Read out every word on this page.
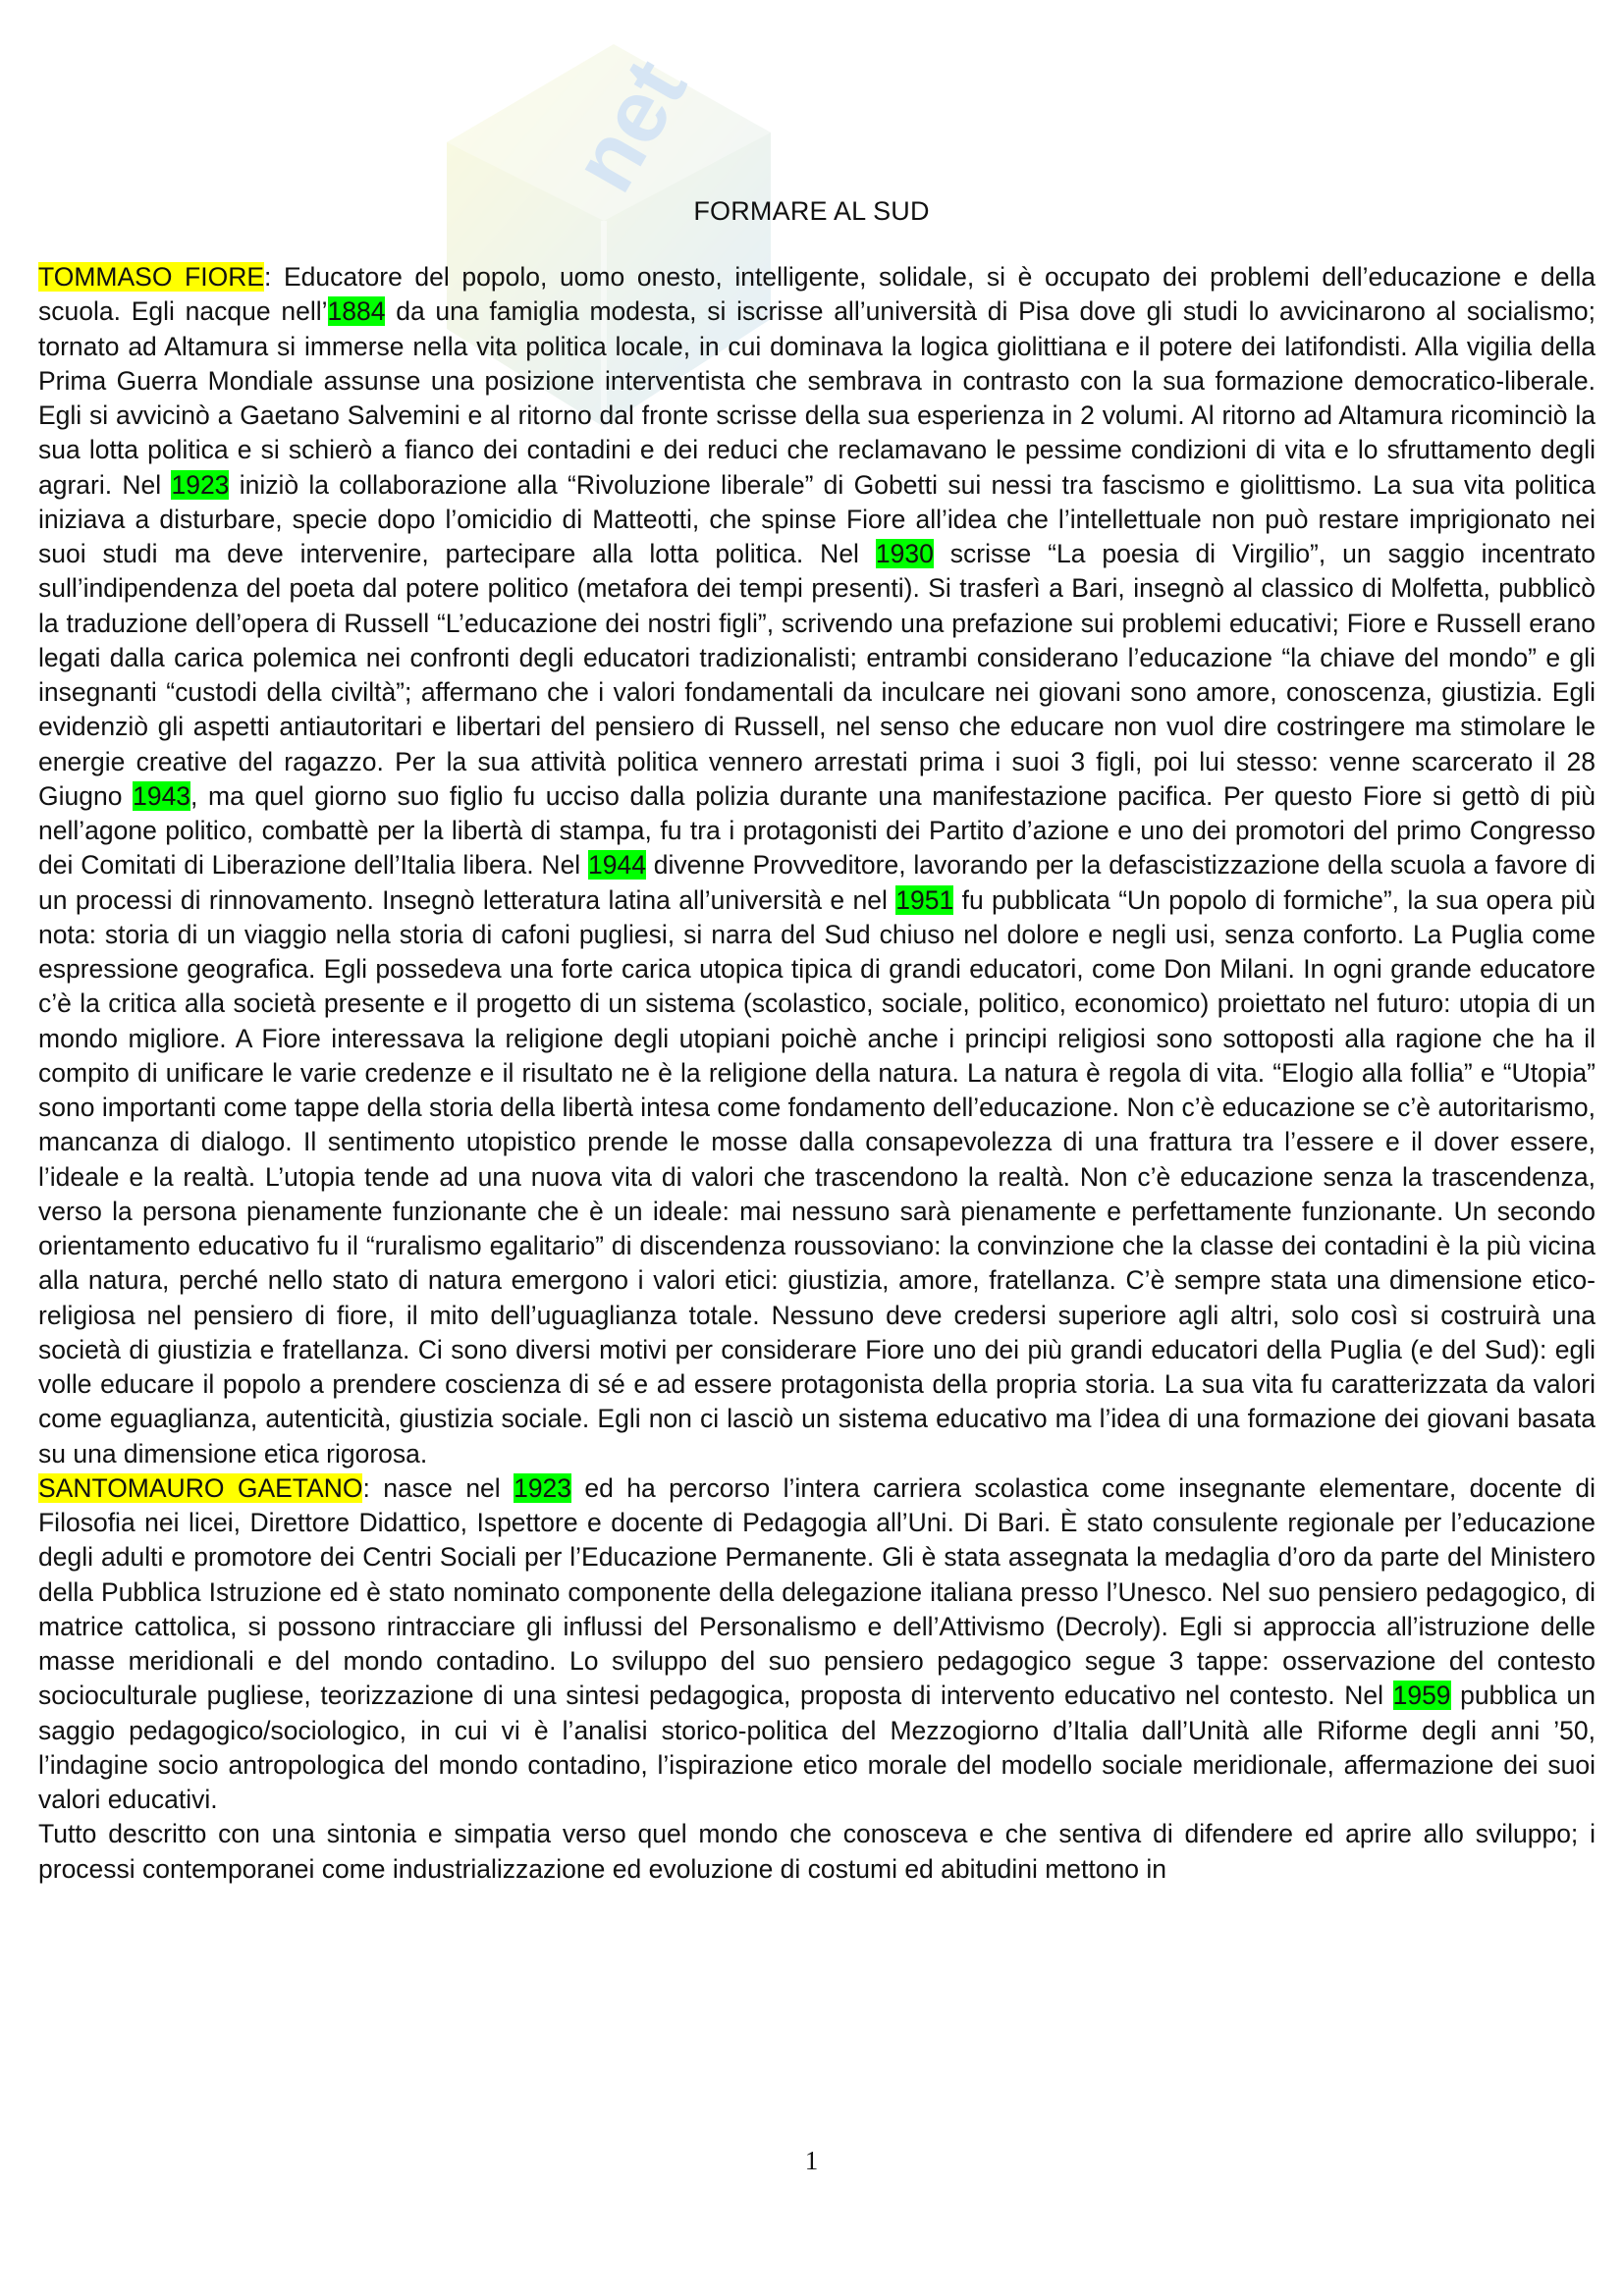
net
FORMARE AL SUD

TOMMASO FIORE: Educatore del popolo, uomo onesto, intelligente, solidale, si è occupato dei problemi dell’educazione e della scuola. Egli nacque nell’1884 da una famiglia modesta, si iscrisse all’università di Pisa dove gli studi lo avvicinarono al socialismo; tornato ad Altamura si immerse nella vita politica locale, in cui dominava la logica giolittiana e il potere dei latifondisti. Alla vigilia della Prima Guerra Mondiale assunse una posizione interventista che sembrava in contrasto con la sua formazione democratico-liberale. Egli si avvicinò a Gaetano Salvemini e al ritorno dal fronte scrisse della sua esperienza in 2 volumi. Al ritorno ad Altamura ricominciò la sua lotta politica e si schierò a fianco dei contadini e dei reduci che reclamavano le pessime condizioni di vita e lo sfruttamento degli agrari. Nel 1923 iniziò la collaborazione alla “Rivoluzione liberale” di Gobetti sui nessi tra fascismo e giolittismo. La sua vita politica iniziava a disturbare, specie dopo l’omicidio di Matteotti, che spinse Fiore all’idea che l’intellettuale non può restare imprigionato nei suoi studi ma deve intervenire, partecipare alla lotta politica. Nel 1930 scrisse “La poesia di Virgilio”, un saggio incentrato sull’indipendenza del poeta dal potere politico (metafora dei tempi presenti). Si trasferì a Bari, insegnò al classico di Molfetta, pubblicò la traduzione dell’opera di Russell “L’educazione dei nostri figli”, scrivendo una prefazione sui problemi educativi; Fiore e Russell erano legati dalla carica polemica nei confronti degli educatori tradizionalisti; entrambi considerano l’educazione “la chiave del mondo” e gli insegnanti “custodi della civiltà”; affermano che i valori fondamentali da inculcare nei giovani sono amore, conoscenza, giustizia. Egli evidenziò gli aspetti antiautoritari e libertari del pensiero di Russell, nel senso che educare non vuol dire costringere ma stimolare le energie creative del ragazzo. Per la sua attività politica vennero arrestati prima i suoi 3 figli, poi lui stesso: venne scarcerato il 28 Giugno 1943, ma quel giorno suo figlio fu ucciso dalla polizia durante una manifestazione pacifica. Per questo Fiore si gettò di più nell’agone politico, combattè per la libertà di stampa, fu tra i protagonisti dei Partito d’azione e uno dei promotori del primo Congresso dei Comitati di Liberazione dell’Italia libera. Nel 1944 divenne Provveditore, lavorando per la defascistizzazione della scuola a favore di un processi di rinnovamento. Insegnò letteratura latina all’università e nel 1951 fu pubblicata “Un popolo di formiche”, la sua opera più nota: storia di un viaggio nella storia di cafoni pugliesi, si narra del Sud chiuso nel dolore e negli usi, senza conforto. La Puglia come espressione geografica. Egli possedeva una forte carica utopica tipica di grandi educatori, come Don Milani. In ogni grande educatore c’è la critica alla società presente e il progetto di un sistema (scolastico, sociale, politico, economico) proiettato nel futuro: utopia di un mondo migliore. A Fiore interessava la religione degli utopiani poichè anche i principi religiosi sono sottoposti alla ragione che ha il compito di unificare le varie credenze e il risultato ne è la religione della natura. La natura è regola di vita. “Elogio alla follia” e “Utopia” sono importanti come tappe della storia della libertà intesa come fondamento dell’educazione. Non c’è educazione se c’è autoritarismo, mancanza di dialogo. Il sentimento utopistico prende le mosse dalla consapevolezza di una frattura tra l’essere e il dover essere, l’ideale e la realtà. L’utopia tende ad una nuova vita di valori che trascendono la realtà. Non c’è educazione senza la trascendenza, verso la persona pienamente funzionante che è un ideale: mai nessuno sarà pienamente e perfettamente funzionante. Un secondo orientamento educativo fu il “ruralismo egalitario” di discendenza roussoviano: la convinzione che la classe dei contadini è la più vicina alla natura, perché nello stato di natura emergono i valori etici: giustizia, amore, fratellanza. C’è sempre stata una dimensione etico-religiosa nel pensiero di fiore, il mito dell’uguaglianza totale. Nessuno deve credersi superiore agli altri, solo così si costruirà una società di giustizia e fratellanza. Ci sono diversi motivi per considerare Fiore uno dei più grandi educatori della Puglia (e del Sud): egli volle educare il popolo a prendere coscienza di sé e ad essere protagonista della propria storia. La sua vita fu caratterizzata da valori come eguaglianza, autenticità, giustizia sociale. Egli non ci lasciò un sistema educativo ma l’idea di una formazione dei giovani basata su una dimensione etica rigorosa.

SANTOMAURO GAETANO: nasce nel 1923 ed ha percorso l’intera carriera scolastica come insegnante elementare, docente di Filosofia nei licei, Direttore Didattico, Ispettore e docente di Pedagogia all’Uni. Di Bari. È stato consulente regionale per l’educazione degli adulti e promotore dei Centri Sociali per l’Educazione Permanente. Gli è stata assegnata la medaglia d’oro da parte del Ministero della Pubblica Istruzione ed è stato nominato componente della delegazione italiana presso l’Unesco. Nel suo pensiero pedagogico, di matrice cattolica, si possono rintracciare gli influssi del Personalismo e dell’Attivismo (Decroly). Egli si approccia all’istruzione delle masse meridionali e del mondo contadino. Lo sviluppo del suo pensiero pedagogico segue 3 tappe: osservazione del contesto socioculturale pugliese, teorizzazione di una sintesi pedagogica, proposta di intervento educativo nel contesto. Nel 1959 pubblica un saggio pedagogico/sociologico, in cui vi è l’analisi storico-politica del Mezzogiorno d’Italia dall’Unità alle Riforme degli anni ’50, l’indagine socio antropologica del mondo contadino, l’ispirazione etico morale del modello sociale meridionale, affermazione dei suoi valori educativi.

Tutto descritto con una sintonia e simpatia verso quel mondo che conosceva e che sentiva di difendere ed aprire allo sviluppo; i processi contemporanei come industrializzazione ed evoluzione di costumi ed abitudini mettono in

1
